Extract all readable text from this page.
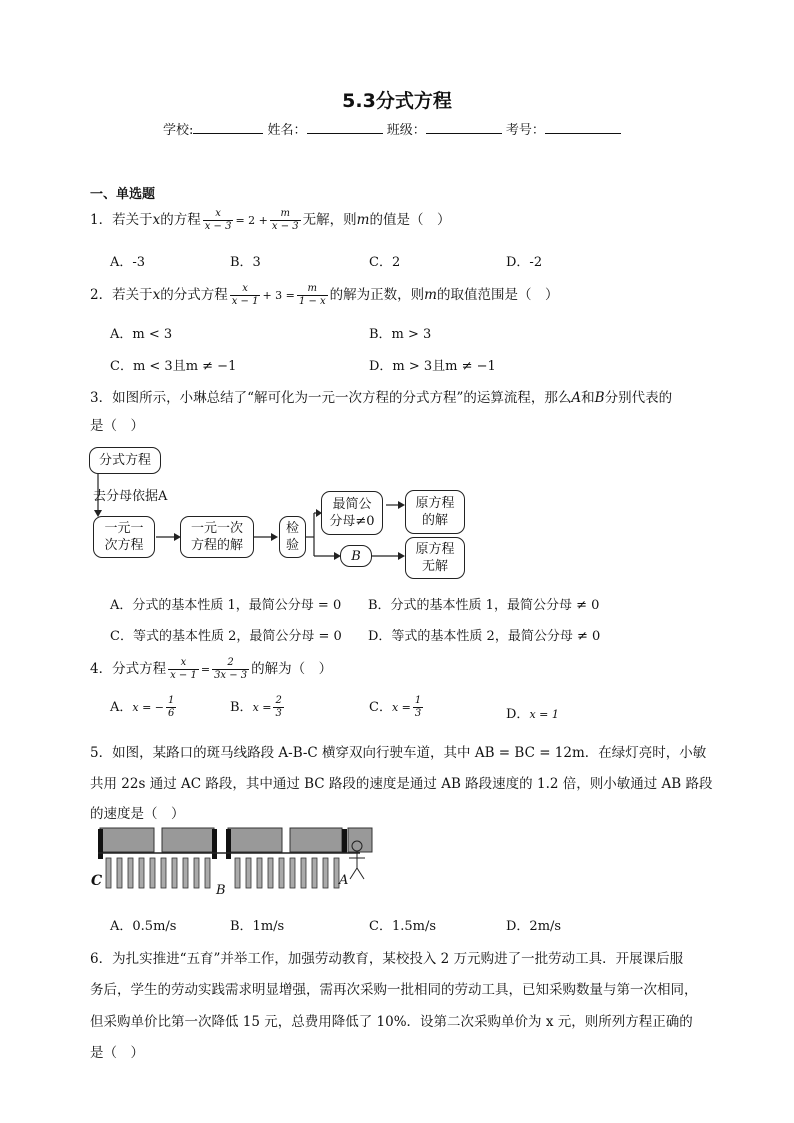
5.3分式方程
学校:	姓名：	班级：	考号：
一、单选题
1．若关于x的方程 $\frac{x}{x - 3} = 2 + \frac{m}{x - 3}$ 无解，则m的值是（　）
A．-3	B．3	C．2	D．-2
2．若关于x的分式方程 $\frac{x}{x - 1} + 3 = \frac{m}{1 - x}$ 的解为正数，则m的取值范围是（　）
A．m < 3	B．m > 3
C．m < 3且m ≠ −1	D．m > 3且m ≠ −1
3．如图所示，小琳总结了“解可化为一元一次方程的分式方程”的运算流程，那么A和B分别代表的
是（　）
分式方程
去分母依据A
一元一
次方程
一元一次
方程的解
检
验
最简公
分母≠0
原方程
的解
B	原方程
无解
A．分式的基本性质 1，最简公分母 = 0 B．分式的基本性质 1，最简公分母 ≠ 0
C．等式的基本性质 2，最简公分母 = 0 D．等式的基本性质 2，最简公分母 ≠ 0
4．分式方程 $\frac{x}{x - 1} = \frac{2}{3x - 3}$ 的解为（　）
A．x = − $\frac{1}{6}$	B．$x = \frac{2}{3}$	C．$x = \frac{1}{3}$	D．x = 1
5．如图，某路口的斑马线路段 A-B-C 横穿双向行驶车道，其中 AB = BC = 12m．在绿灯亮时，小敏
共用 22s 通过 AC 路段，其中通过 BC 路段的速度是通过 AB 路段速度的 1.2 倍，则小敏通过 AB 路段
的速度是（　）
C
B
A
A．0.5m/s	B．1m/s	C．1.5m/s	D．2m/s
6．为扎实推进“五育”并举工作，加强劳动教育，某校投入 2 万元购进了一批劳动工具．开展课后服
务后，学生的劳动实践需求明显增强，需再次采购一批相同的劳动工具，已知采购数量与第一次相同，
但采购单价比第一次降低 15 元，总费用降低了 10%．设第二次采购单价为 x 元，则所列方程正确的
是（　）
